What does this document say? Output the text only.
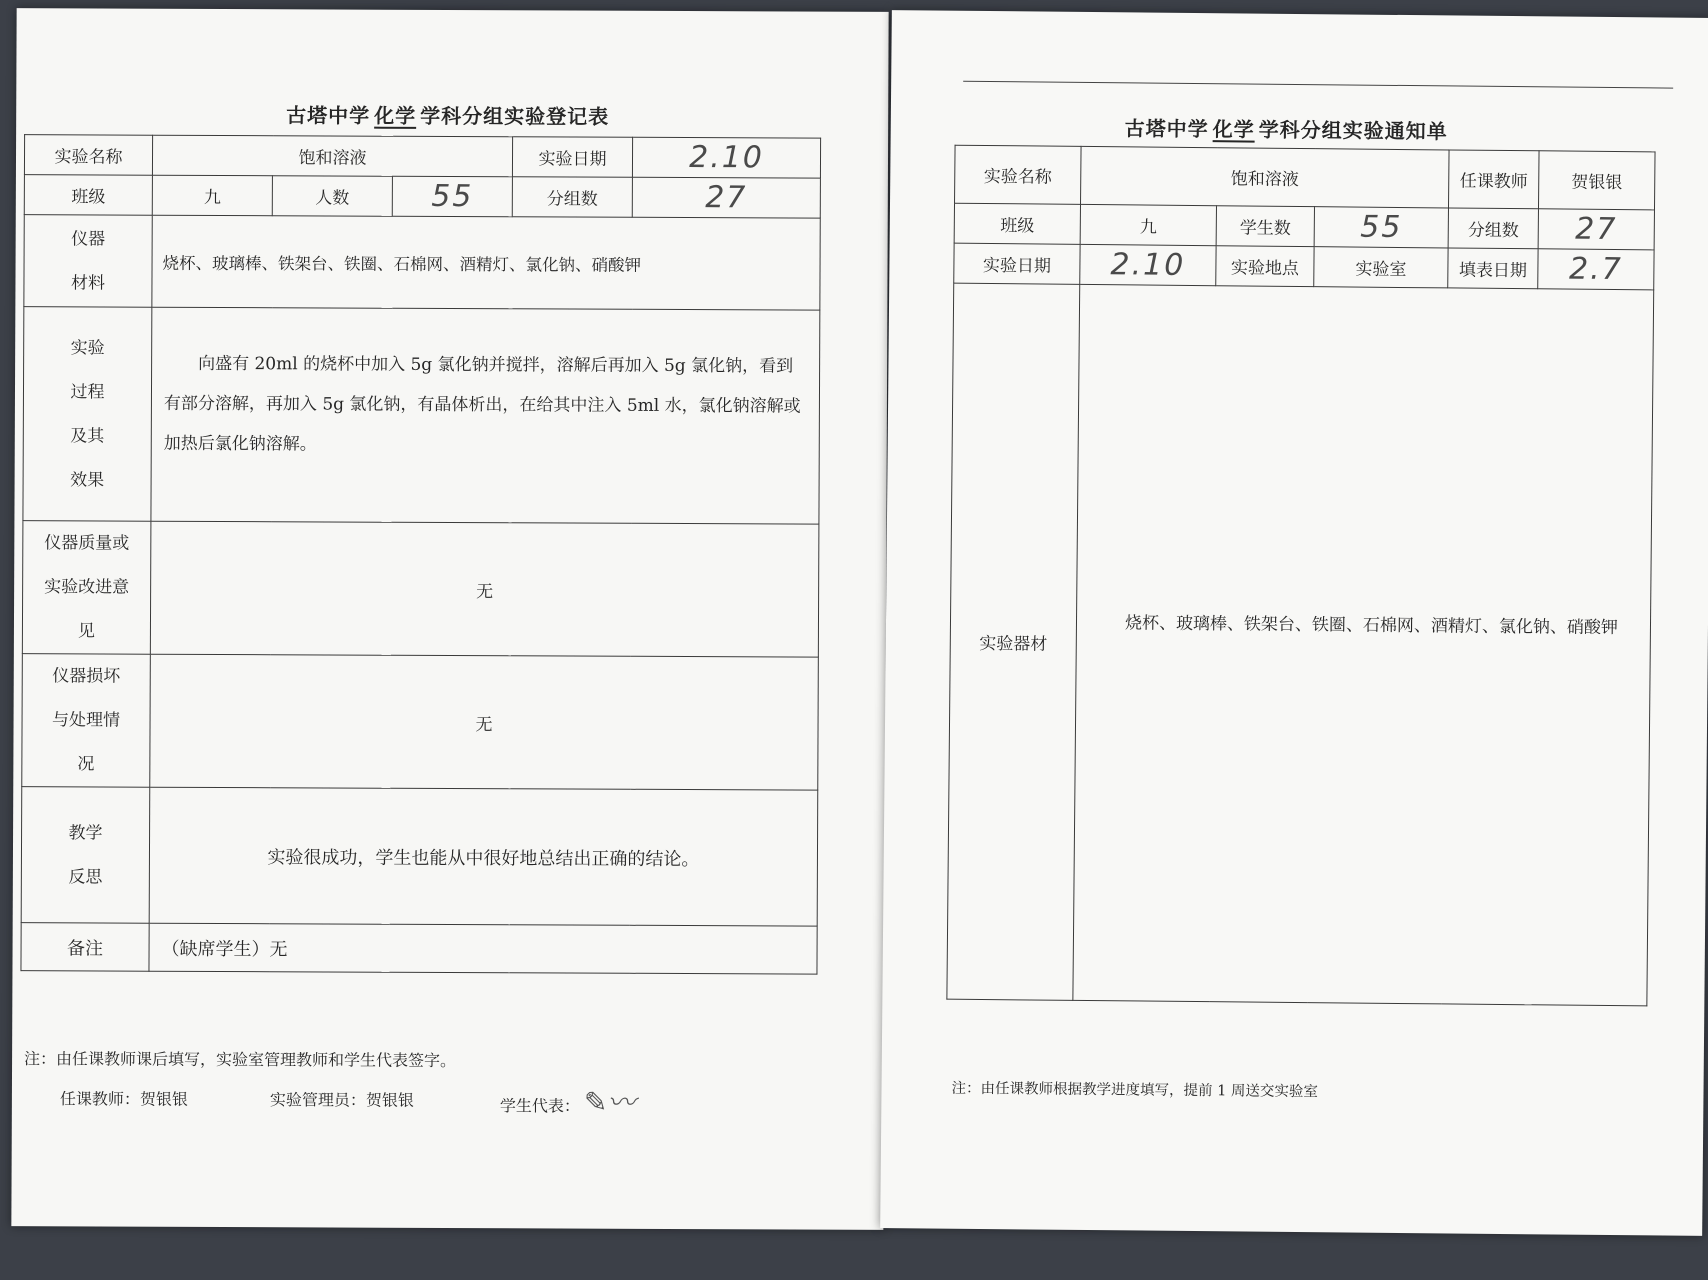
古塔中学 化学 学科分组实验登记表
实验名称	饱和溶液			实验日期	2.10
班级	九	人数	55	分组数	27
仪器材料	烧杯、玻璃棒、铁架台、铁圈、石棉网、酒精灯、氯化钠、硝酸钾				
实验过程及其效果	向盛有 20ml 的烧杯中加入 5g 氯化钠并搅拌，溶解后再加入 5g 氯化钠，看到有部分溶解，再加入 5g 氯化钠，有晶体析出，在给其中注入 5ml 水，氯化钠溶解或加热后氯化钠溶解。				

仪器质量或实验改进意见	无				
仪器损坏与处理情况	无				
教学反思	实验很成功，学生也能从中很好地总结出正确的结论。				
备注	（缺席学生）无				
注：由任课教师课后填写，实验室管理教师和学生代表签字。
任课教师：贺银银	实验管理员：贺银银	学生代表： ✎〰
古塔中学 化学 学科分组实验通知单
实验名称	饱和溶液			任课教师	贺银银
班级	九	学生数	55	分组数	27
实验日期	2.10	实验地点	实验室	填表日期	2.7
实验器材	烧杯、玻璃棒、铁架台、铁圈、石棉网、酒精灯、氯化钠、硝酸钾				
注：由任课教师根据教学进度填写，提前 1 周送交实验室
